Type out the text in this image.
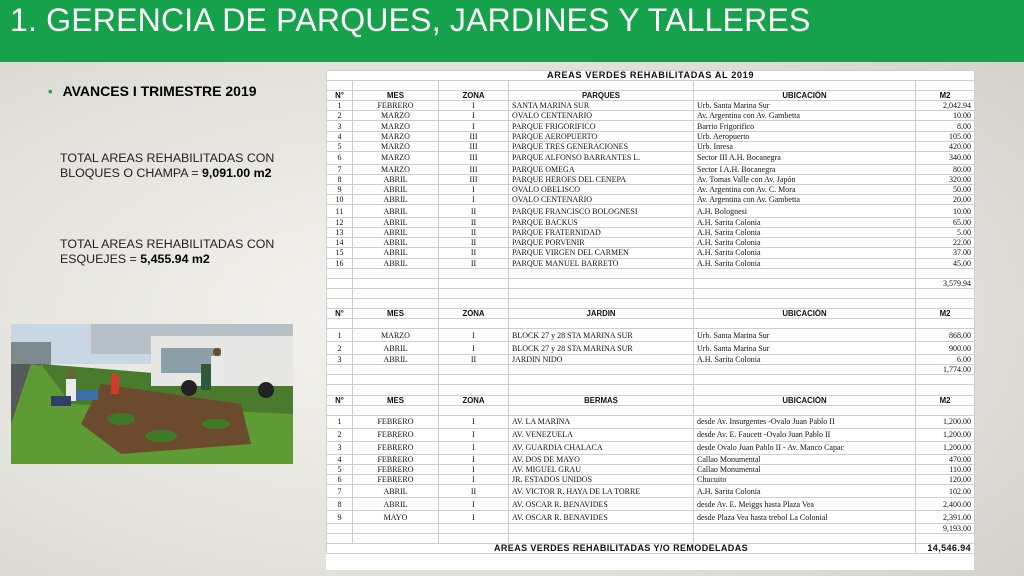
1. GERENCIA DE PARQUES, JARDINES Y TALLERES
• AVANCES I TRIMESTRE 2019
TOTAL AREAS REHABILITADAS CON BLOQUES O CHAMPA = 9,091.00 m2
TOTAL AREAS REHABILITADAS CON ESQUEJES = 5,455.94 m2
AREAS VERDES REHABILITADAS AL 2019					

N°	MES	ZONA	PARQUES	UBICACIÓN	M2
1	FEBRERO	I	SANTA MARINA SUR	Urb. Santa Marina Sur	2,042.94
2	MARZO	I	OVALO CENTENARIO	Av. Argentina con Av. Gambetta	10.00
3	MARZO	I	PARQUE FRIGORIFICO	Barrio Frigorifico	8.00
4	MARZO	III	PARQUE AEROPUERTO	Urb. Aeropuerto	105.00
5	MARZO	III	PARQUE TRES GENERACIONES	Urb. Inresa	420.00
6	MARZO	III	PARQUE ALFONSO BARRANTES L.	Sector III A.H. Bocanegra	340.00
7	MARZO	III	PARQUE OMEGA	Sector I A.H. Bocanegra	80.00
8	ABRIL	III	PARQUE HEROES DEL CENEPA	Av. Tomas Valle con Av. Japón	320.00
9	ABRIL	I	OVALO OBELISCO	Av. Argentina con Av. C. Mora	50.00
10	ABRIL	I	OVALO CENTENARIO	Av. Argentina con Av. Gambetta	20.00
11	ABRIL	II	PARQUE FRANCISCO BOLOGNESI	A.H. Bolognesi	10.00
12	ABRIL	II	PARQUE BACKUS	A.H. Sarita Colonia	65.00
13	ABRIL	II	PARQUE FRATERNIDAD	A.H. Sarita Colonia	5.00
14	ABRIL	II	PARQUE PORVENIR	A.H. Sarita Colonia	22.00
15	ABRIL	II	PARQUE VIRGEN DEL CARMEN	A.H. Sarita Colonia	37.00
16	ABRIL	II	PARQUE MANUEL BARRETO	A.H. Sarita Colonia	45.00

					3,579.94

N°	MES	ZONA	JARDIN	UBICACIÓN	M2

1	MARZO	I	BLOCK 27 y 28 STA MARINA SUR	Urb. Santa Marina Sur	868.00
2	ABRIL	I	BLOCK 27 y 28 STA MARINA SUR	Urb. Santa Marina Sur	900.00
3	ABRIL	II	JARDIN NIDO	A.H. Sarita Colonia	6.00
					1,774.00

N°	MES	ZONA	BERMAS	UBICACIÓN	M2

1	FEBRERO	I	AV. LA MARINA	desde Av. Insurgentes -Ovalo Juan Pablo II	1,200.00
2	FEBRERO	I	AV. VENEZUELA	desde Av. E. Faucett -Ovalo Juan Pablo II	1,200.00
3	FEBRERO	I	AV. GUARDIA CHALACA	desde Ovalo Juan Pablo II - Av. Manco Capac	1,200.00
4	FEBRERO	I	AV. DOS DE MAYO	Callao Monumental	470.00
5	FEBRERO	I	AV. MIGUEL GRAU	Callao Monumental	110.00
6	FEBRERO	I	JR. ESTADOS UNIDOS	Chucuito	120.00
7	ABRIL	II	AV. VICTOR R. HAYA DE LA TORRE	A.H. Sarita Colonia	102.00
8	ABRIL	I	AV. OSCAR R. BENAVIDES	desde Av. E. Meiggs hasta Plaza Vea	2,400.00
9	MAYO	I	AV. OSCAR R. BENAVIDES	desde Plaza Vea hasta trebol La Colonial	2,391.00
					9,193.00

AREAS VERDES REHABILITADAS Y/O REMODELADAS					14,546.94
